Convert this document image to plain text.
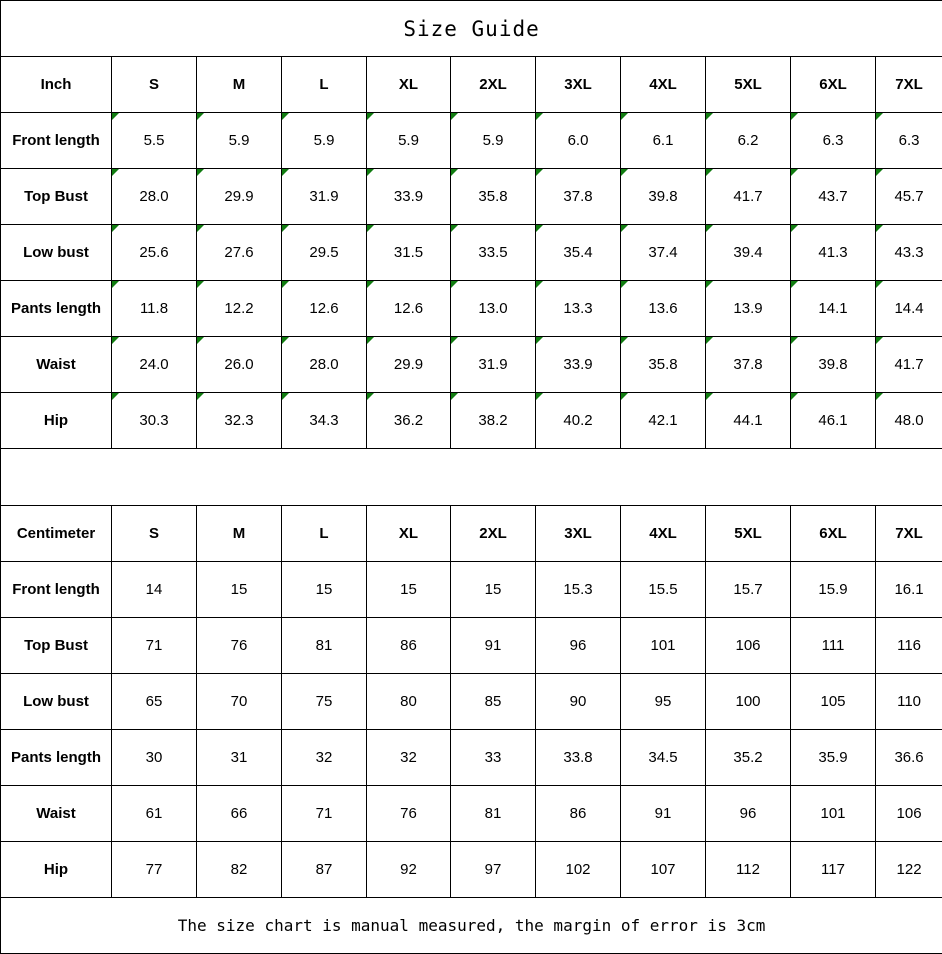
Size Guide										
Inch	S	M	L	XL	2XL	3XL	4XL	5XL	6XL	7XL
Front length	5.5	5.9	5.9	5.9	5.9	6.0	6.1	6.2	6.3	6.3
Top Bust	28.0	29.9	31.9	33.9	35.8	37.8	39.8	41.7	43.7	45.7
Low bust	25.6	27.6	29.5	31.5	33.5	35.4	37.4	39.4	41.3	43.3
Pants length	11.8	12.2	12.6	12.6	13.0	13.3	13.6	13.9	14.1	14.4
Waist	24.0	26.0	28.0	29.9	31.9	33.9	35.8	37.8	39.8	41.7
Hip	30.3	32.3	34.3	36.2	38.2	40.2	42.1	44.1	46.1	48.0

Centimeter	S	M	L	XL	2XL	3XL	4XL	5XL	6XL	7XL
Front length	14	15	15	15	15	15.3	15.5	15.7	15.9	16.1
Top Bust	71	76	81	86	91	96	101	106	111	116
Low bust	65	70	75	80	85	90	95	100	105	110
Pants length	30	31	32	32	33	33.8	34.5	35.2	35.9	36.6
Waist	61	66	71	76	81	86	91	96	101	106
Hip	77	82	87	92	97	102	107	112	117	122
The size chart is manual measured, the margin of error is 3cm										
